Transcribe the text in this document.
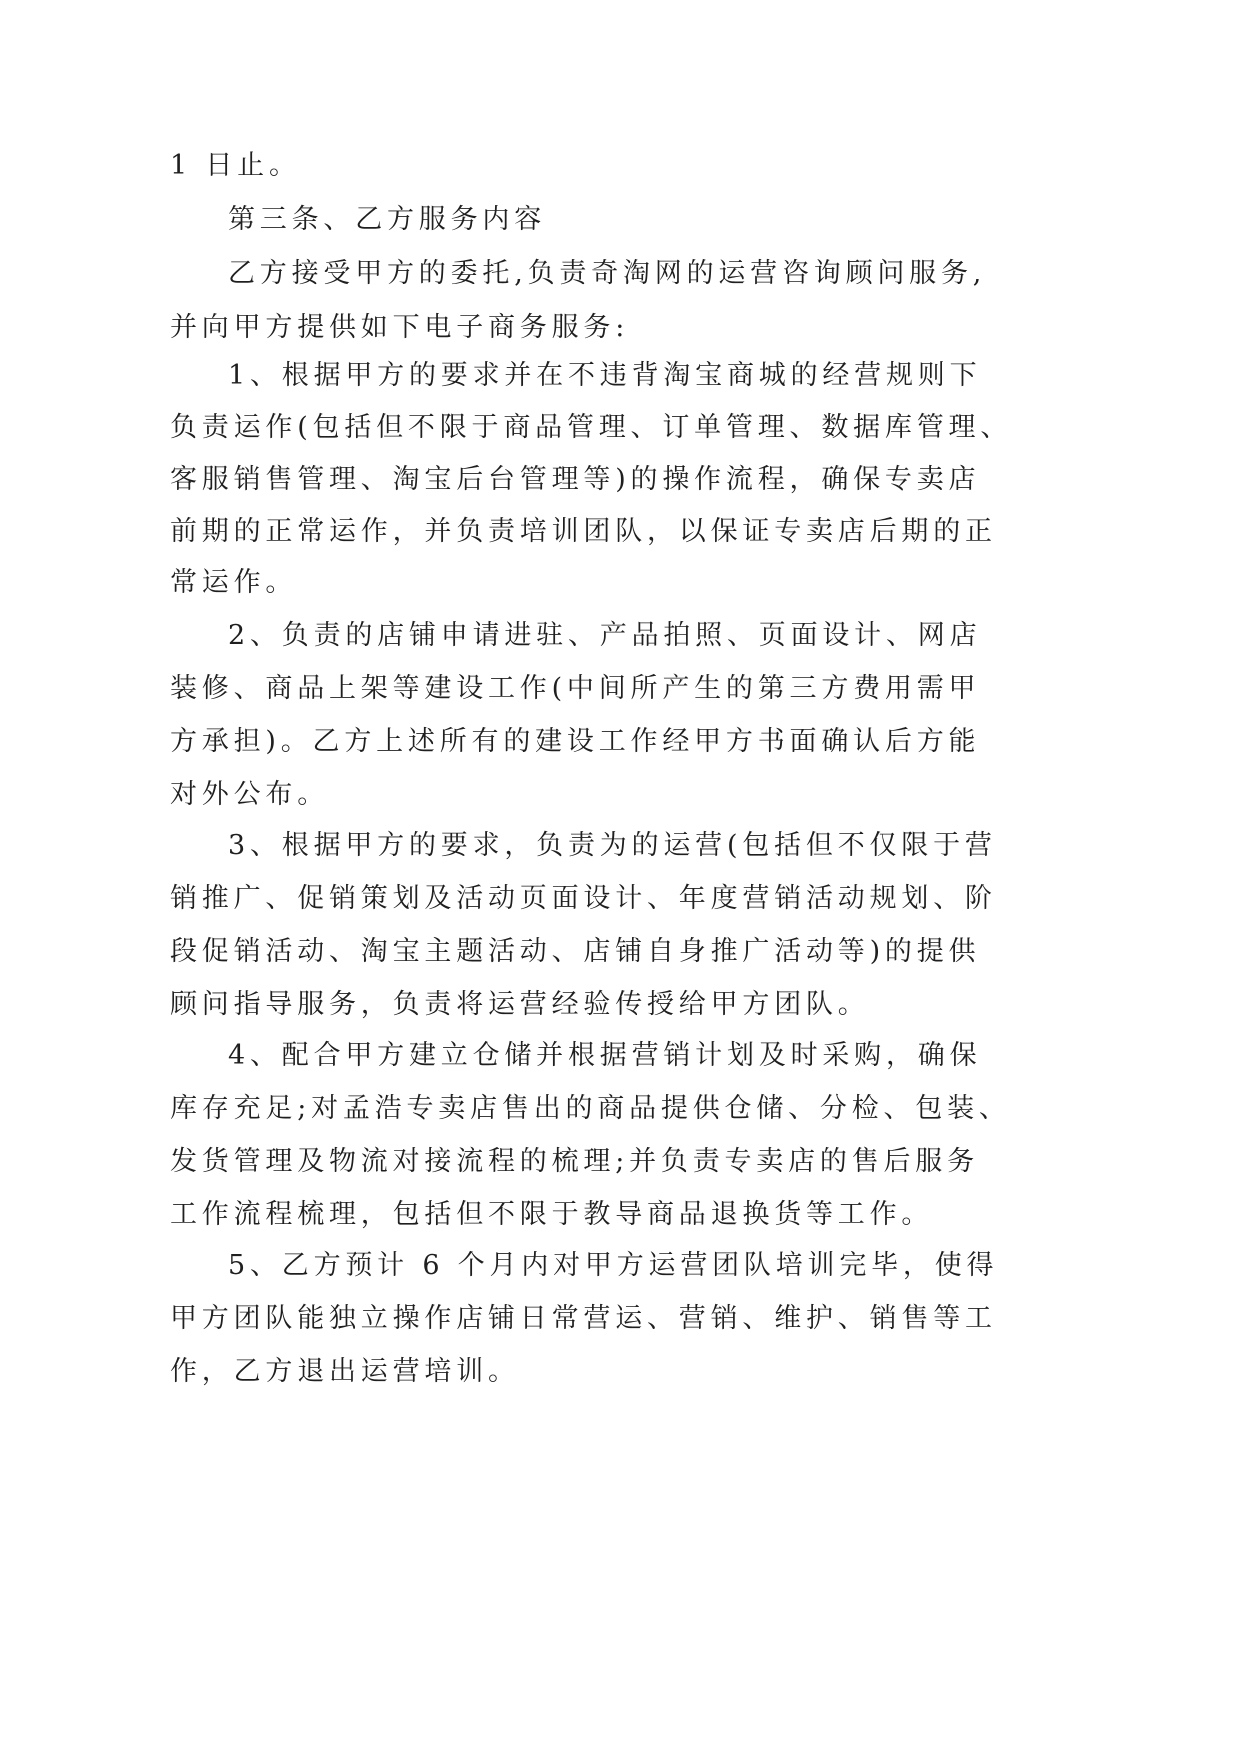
1 日止。
第三条、乙方服务内容
乙方接受甲方的委托,负责奇淘网的运营咨询顾问服务,
并向甲方提供如下电子商务服务:
1、根据甲方的要求并在不违背淘宝商城的经营规则下
负责运作(包括但不限于商品管理、订单管理、数据库管理、
客服销售管理、淘宝后台管理等)的操作流程，确保专卖店
前期的正常运作，并负责培训团队，以保证专卖店后期的正
常运作。
2、负责的店铺申请进驻、产品拍照、页面设计、网店
装修、商品上架等建设工作(中间所产生的第三方费用需甲
方承担)。乙方上述所有的建设工作经甲方书面确认后方能
对外公布。
3、根据甲方的要求，负责为的运营(包括但不仅限于营
销推广、促销策划及活动页面设计、年度营销活动规划、阶
段促销活动、淘宝主题活动、店铺自身推广活动等)的提供
顾问指导服务，负责将运营经验传授给甲方团队。
4、配合甲方建立仓储并根据营销计划及时采购，确保
库存充足;对孟浩专卖店售出的商品提供仓储、分检、包装、
发货管理及物流对接流程的梳理;并负责专卖店的售后服务
工作流程梳理，包括但不限于教导商品退换货等工作。
5、乙方预计 6 个月内对甲方运营团队培训完毕，使得
甲方团队能独立操作店铺日常营运、营销、维护、销售等工
作，乙方退出运营培训。
